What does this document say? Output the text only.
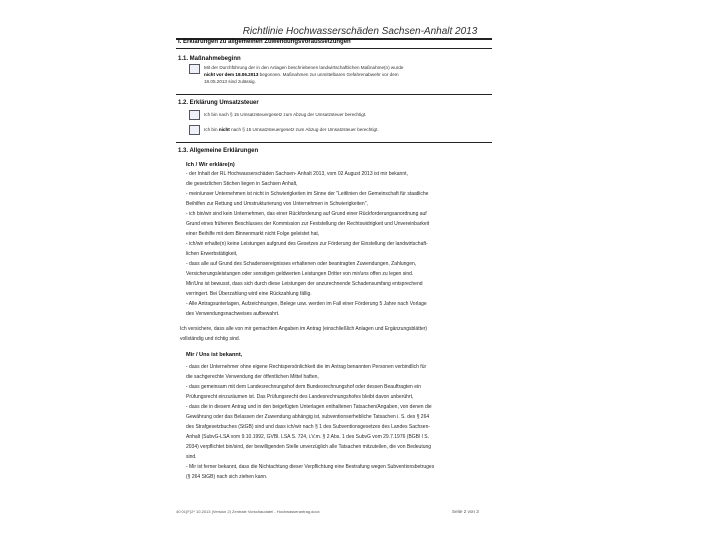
Richtlinie Hochwasserschäden Sachsen-Anhalt 2013
I. Erklärungen zu allgemeinen Zuwendungsvoraussetzungen
1.1. Maßnahmebeginn
Mit der Durchführung der in den Anlagen beschriebenen landwirtschaftlichen Maßnahme(n) wurde
nicht vor dem 18.06.2013 begonnen. Maßnahmen zur unmittelbaren Gefahrenabwehr vor dem
18.05.2013 sind zulässig.
1.2. Erklärung Umsatzsteuer
Ich bin nach § 15 Umsatzsteuergesetz zum Abzug der Umsatzsteuer berechtigt.
Ich bin nicht nach § 15 Umsatzsteuergesetz zum Abzug der Umsatzsteuer berechtigt.
1.3. Allgemeine Erklärungen
Ich / Wir erkläre(n)
- der Inhalt der RL Hochwasserschäden Sachsen- Anhalt 2013, vom 02 August 2013 ist mir bekannt,
die gesetzlichen Stichen liegen in Sachsen Anhalt,
- mein/unser Unternehmen ist nicht in Schwierigkeiten im Sinne der "Leitlinien der Gemeinschaft für staatliche
Beihilfen zur Rettung und Umstrukturierung von Unternehmen in Schwierigkeiten",
- ich bin/wir sind kein Unternehmen, das einer Rückforderung auf Grund einer Rückforderungsanordnung auf
Grund eines früheren Beschlusses der Kommission zur Feststellung der Rechtswidrigkeit und Unvereinbarkeit
einer Beihilfe mit dem Binnenmarkt nicht Folge geleistet hat,
- ich/wir erhalte(n) keine Leistungen aufgrund des Gesetzes zur Förderung der Einstellung der landwirtschaft-
lichen Erwerbstätigkeit,
- dass alle auf Grund des Schadensereignisses erhaltenen oder beantragten Zuwendungen, Zahlungen,
Versicherungsleistungen oder sonstigen geldwerten Leistungen Dritter von mir/uns offen zu legen sind.
Mir/Uns ist bewusst, dass sich durch diese Leistungen der anzurechnende Schadensumfang entsprechend
verringert. Bei Überzahlung wird eine Rückzahlung fällig.
- Alle Antragsunterlagen, Aufzeichnungen, Belege usw. werden im Fall einer Förderung 5 Jahre nach Vorlage
des Verwendungsnachweises aufbewahrt.
Ich versichere, dass alle von mir gemachten Angaben im Antrag (einschließlich Anlagen und Ergänzungsblätter)
vollständig und richtig sind.
Mir / Uns ist bekannt,
- dass der Unternehmer ohne eigene Rechtspersönlichkeit die im Antrag benannten Personen verbindlich für
die sachgerechte Verwendung der öffentlichen Mittel haften,
- dass gemeinsam mit dem Landesrechnungshof dem Bundesrechnungshof oder dessen Beauftragten ein
Prüfungsrecht einzuräumen ist. Das Prüfungsrecht des Landesrechnungshofes bleibt davon unberührt,
- dass die in diesem Antrag und in den beigefügten Unterlagen enthaltenen Tatsachen/Angaben, von denen die
Gewährung oder das Belassen der Zuwendung abhängig ist, subventionserhebliche Tatsachen i. S. des § 264
des Strafgesetzbuches (StGB) sind und dass ich/wir nach § 1 des Subventionsgesetzes des Landes Sachsen-
Anhalt (SubvG-LSA vom 9.10.1992, GVBl. LSA S. 724, i.V.m. § 2 Abs. 1 des SubvG vom 29.7.1976 (BGBl I S.
2034) verpflichtet bin/sind, der bewilligenden Stelle unverzüglich alle Tatsachen mitzuteilen, die von Bedeutung
sind.
- Mir ist ferner bekannt, dass die Nichtachtung dieser Verpflichtung eine Bestrafung wegen Subventionsbetruges
(§ 264 StGB) nach sich ziehen kann.
40 01(F)2* 10.2013 (Version 2) Zentrale Vorschaudatei - Hochwasserantrag.docx	Seite 2 von 3
